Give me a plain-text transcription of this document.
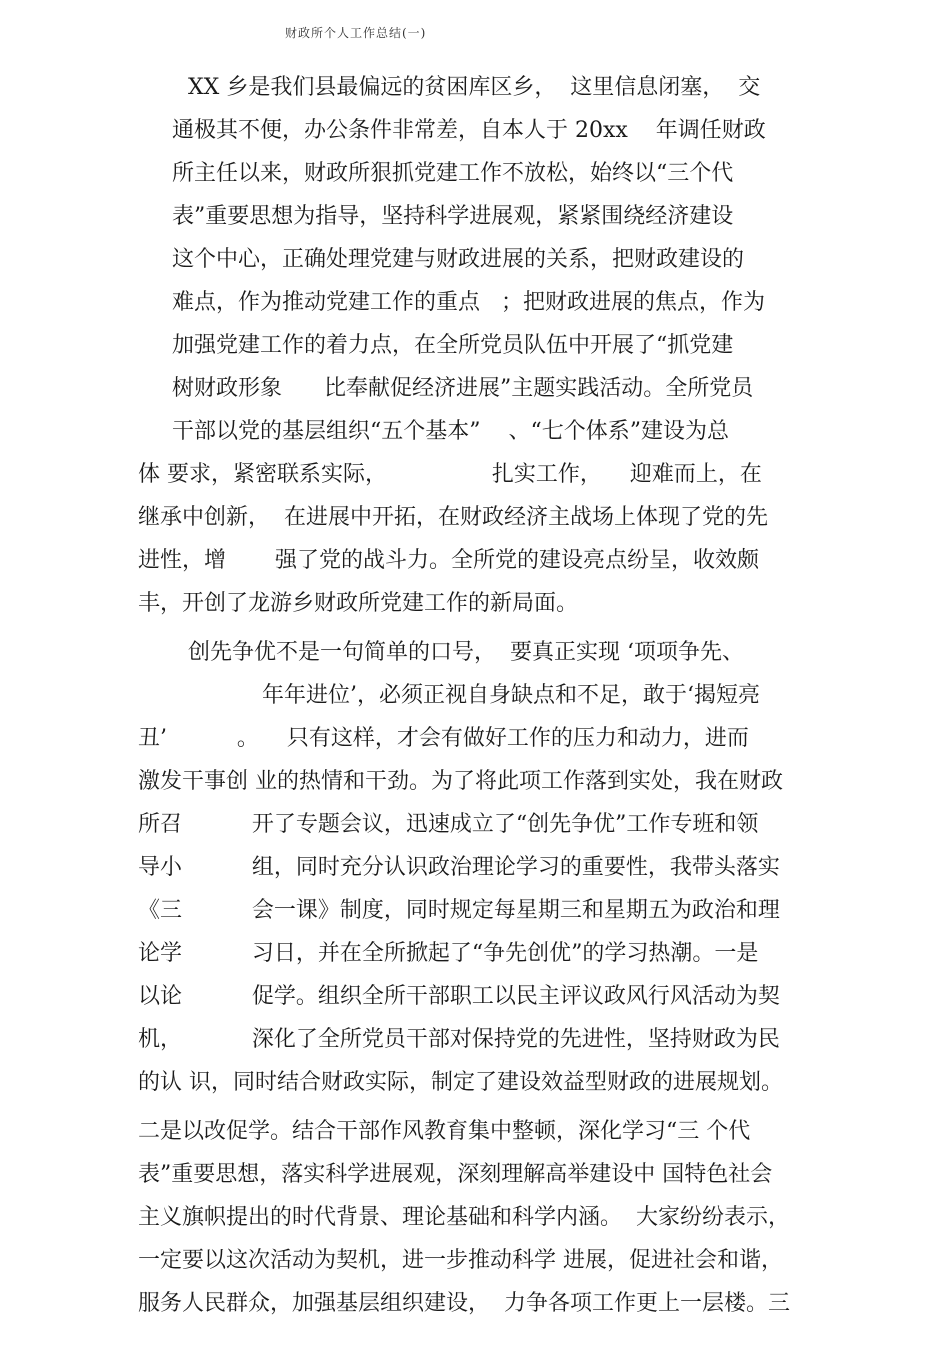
财政所个人工作总结(一)
XX 乡是我们县最偏远的贫困库区乡，  这里信息闭塞，  交
通极其不便，办公条件非常差，自本人于 20xx    年调任财政
所主任以来，财政所狠抓党建工作不放松，始终以“三个代
表”重要思想为指导，坚持科学进展观，紧紧围绕经济建设
这个中心，正确处理党建与财政进展的关系，把财政建设的
难点，作为推动党建工作的重点   ；把财政进展的焦点，作为
加强党建工作的着力点，在全所党员队伍中开展了“抓党建
树财政形象      比奉献促经济进展”主题实践活动。全所党员
干部以党的基层组织“五个基本”    、“七个体系”建设为总
体 要求，紧密联系实际，               扎实工作，    迎难而上，在
继承中创新，  在进展中开拓，在财政经济主战场上体现了党的先
进性，增       强了党的战斗力。全所党的建设亮点纷呈，收效颇
丰，开创了龙游乡财政所党建工作的新局面。
创先争优不是一句简单的口号，  要真正实现 ‘项项争先、
年年进位’，必须正视自身缺点和不足，敢于‘揭短亮
丑’          。    只有这样，才会有做好工作的压力和动力，进而
激发干事创 业的热情和干劲。为了将此项工作落到实处，我在财政
所召          开了专题会议，迅速成立了“创先争优”工作专班和领
导小          组，同时充分认识政治理论学习的重要性，我带头落实
《三          会一课》制度，同时规定每星期三和星期五为政治和理
论学          习日，并在全所掀起了“争先创优”的学习热潮。一是
以论          促学。组织全所干部职工以民主评议政风行风活动为契
机，          深化了全所党员干部对保持党的先进性，坚持财政为民
的认 识，同时结合财政实际，制定了建设效益型财政的进展规划。
二是以改促学。结合干部作风教育集中整顿，深化学习“三 个代
表”重要思想，落实科学进展观，深刻理解高举建设中 国特色社会
主义旗帜提出的时代背景、理论基础和科学内涵。  大家纷纷表示，
一定要以这次活动为契机，进一步推动科学 进展，促进社会和谐，
服务人民群众，加强基层组织建设，  力争各项工作更上一层楼。三
